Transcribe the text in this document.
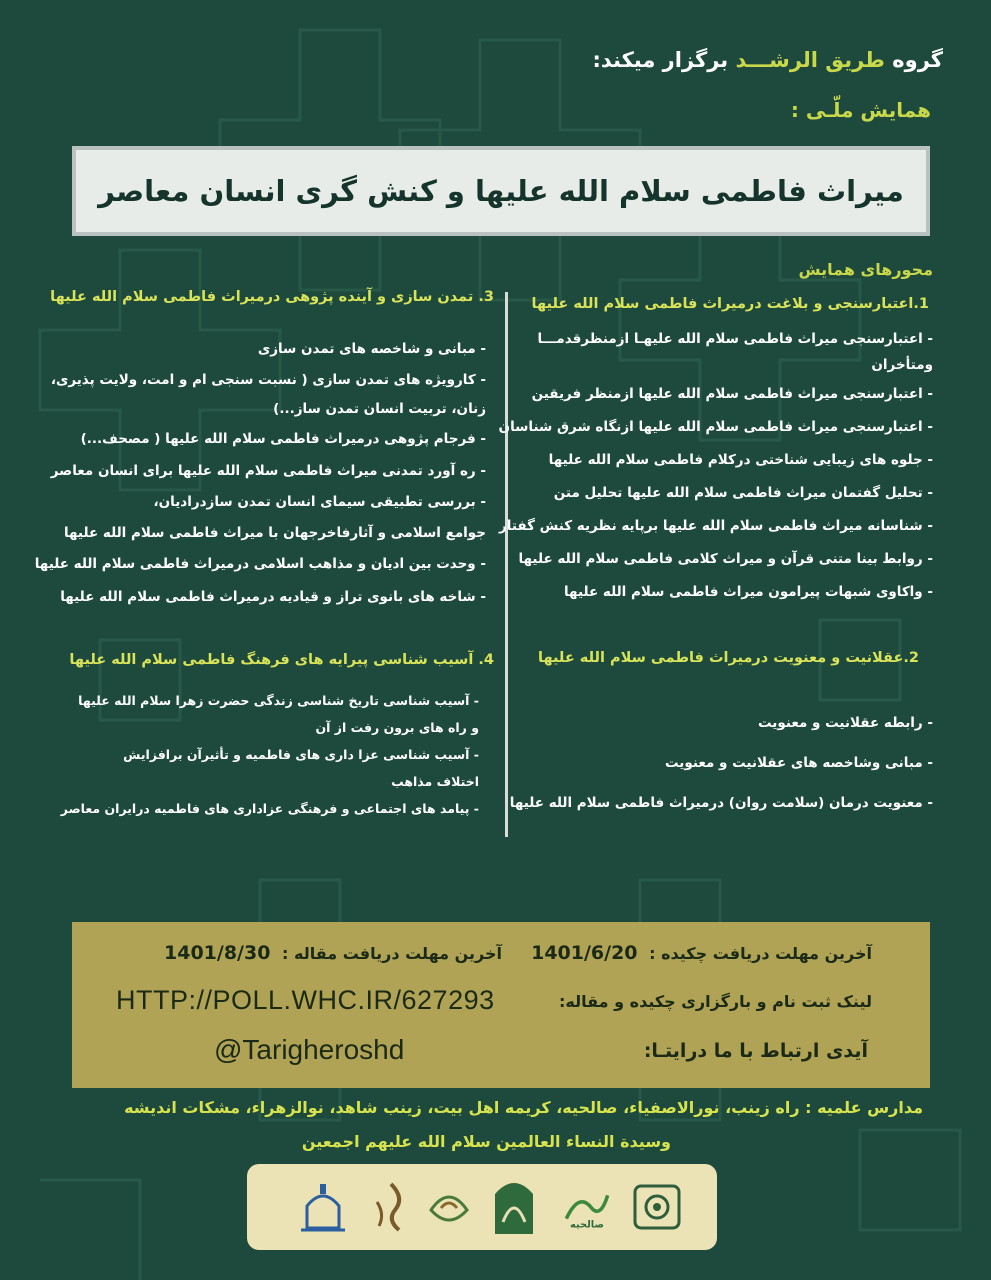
گروه طریق الرشـــد برگزار میکند:
همایش ملّـی :
میراث فاطمی سلام الله علیها و کنش گری انسان معاصر
محورهای همایش
1.اعتبارسنجی و بلاغت درمیراث فاطمی سلام الله علیها
- اعتبارسنجی میراث فاطمی سلام الله علیهـا ازمنظرقدمـــا
ومتأخران
- اعتبارسنجی میراث فاطمی سلام الله علیها ازمنظر فریقین
- اعتبارسنجی میراث فاطمی سلام الله علیها ازنگاه شرق شناسان
- جلوه های زیبایی شناختی درکلام فاطمی سلام الله علیها
- تحلیل گفتمان میراث فاطمی سلام الله علیها تحلیل متن
- شناسانه میراث فاطمی سلام الله علیها برپایه نظریه کنش گفتار
- روابط بینا متنی قرآن و میراث کلامی فاطمی سلام الله علیها
- واکاوی شبهات پیرامون میراث فاطمی سلام الله علیها
2.عقلانیت و معنویت درمیراث فاطمی سلام الله علیها
- رابطه عقلانیت و معنویت
- مبانی وشاخصه های عقلانیت و معنویت
- معنویت درمان (سلامت روان) درمیراث فاطمی سلام الله علیها
3. تمدن سازی و آینده پژوهی درمیراث فاطمی سلام الله علیها
- مبانی و شاخصه های تمدن سازی
- کارویژه های تمدن سازی ( نسبت سنجی ام و امت، ولایت پذیری،
زنان، تربیت انسان تمدن ساز...)
- فرجام پژوهی درمیراث فاطمی سلام الله علیها ( مصحف...)
- ره آورد تمدنی میراث فاطمی سلام الله علیها برای انسان معاصر
- بررسی تطبیقی سیمای انسان تمدن سازدرادیان،
جوامع اسلامی و آثارفاخرجهان با میراث فاطمی سلام الله علیها
- وحدت بین ادیان و مذاهب اسلامی درمیراث فاطمی سلام الله علیها
- شاخه های بانوی تراز و قیادیه درمیراث فاطمی سلام الله علیها
4. آسیب شناسی پیرایه های فرهنگ فاطمی سلام الله علیها
- آسیب شناسی تاریخ شناسی زندگی حضرت زهرا سلام الله علیها
و راه های برون رفت از آن
- آسیب شناسی عزا داری های فاطمیه و تأثیرآن برافزایش
اختلاف مذاهب
- پیامد های اجتماعی و فرهنگی عزاداری های فاطمیه درایران معاصر
آخرین مهلت دریافت چکیده : 1401/6/20
آخرین مهلت دریافت مقاله : 1401/8/30
لینک ثبت نام و بارگزاری چکیده و مقاله:
HTTP://POLL.WHC.IR/627293
آیدی ارتباط با ما درایتـا:
@Tarigheroshd
مدارس علمیه : راه زینب، نورالاصفیاء، صالحیه، کریمه اهل بیت، زینب شاهد، نوالزهراء، مشکات اندیشه
وسیدة النساء العالمین سلام الله علیهم اجمعین
صالحیه
